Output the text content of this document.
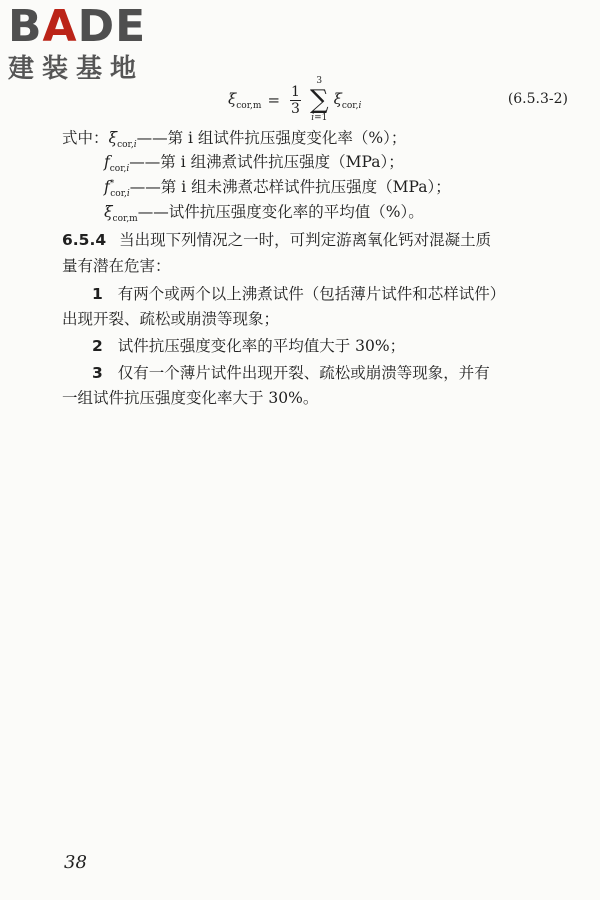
BADE
建装基地
$\xi_{cor,m} = \frac{1}{3}$
3
∑
i=1
$\xi_{cor,i}$	(6.5.3-2)
式中：$\xi_{cor,i}——$第 i 组试件抗压强度变化率（%）；
$f_{cor,i}——$第 i 组沸煮试件抗压强度（MPa）；
$f^*_{cor,i}——$第 i 组未沸煮芯样试件抗压强度（MPa）；
$\xi_{cor,m}——$试件抗压强度变化率的平均值（%）。
6.5.4 当出现下列情况之一时，可判定游离氧化钙对混凝土质
量有潜在危害：
1 有两个或两个以上沸煮试件（包括薄片试件和芯样试件）
出现开裂、疏松或崩溃等现象；
2 试件抗压强度变化率的平均值大于 30%；
3 仅有一个薄片试件出现开裂、疏松或崩溃等现象，并有
一组试件抗压强度变化率大于 30%。
38
